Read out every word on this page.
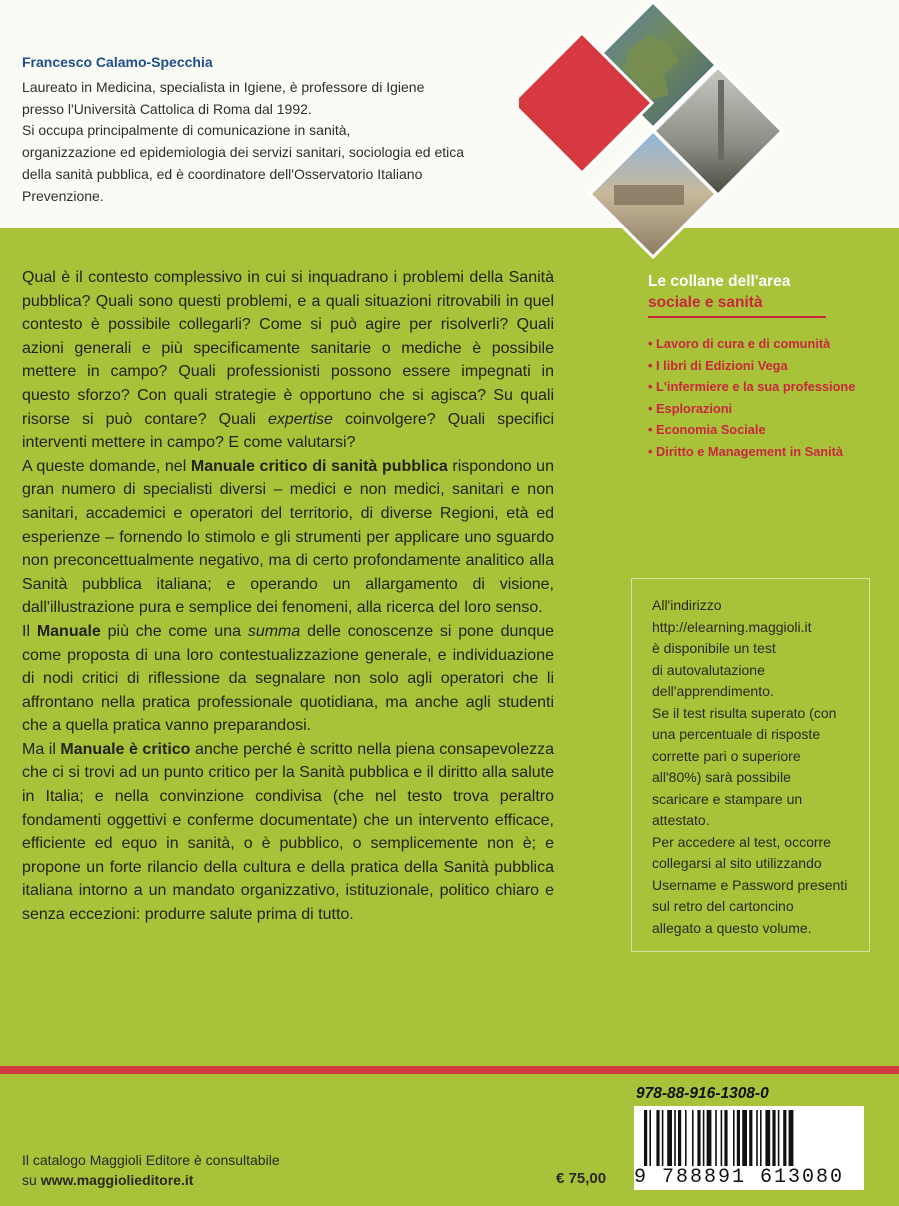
Francesco Calamo-Specchia
Laureato in Medicina, specialista in Igiene, è professore di Igiene
presso l'Università Cattolica di Roma dal 1992.
Si occupa principalmente di comunicazione in sanità,
organizzazione ed epidemiologia dei servizi sanitari, sociologia ed etica
della sanità pubblica, ed è coordinatore dell'Osservatorio Italiano
Prevenzione.

Qual è il contesto complessivo in cui si inquadrano i problemi della Sanità pubblica? Quali sono questi problemi, e a quali situazioni ritrovabili in quel contesto è possibile collegarli? Come si può agire per risolverli? Quali azioni generali e più specificamente sanitarie o mediche è possibile mettere in campo? Quali professionisti possono essere impegnati in questo sforzo? Con quali strategie è opportuno che si agisca? Su quali risorse si può contare? Quali expertise coinvolgere? Quali specifici interventi mettere in campo? E come valutarsi?

A queste domande, nel Manuale critico di sanità pubblica rispondono un gran numero di specialisti diversi – medici e non medici, sanitari e non sanitari, accademici e operatori del territorio, di diverse Regioni, età ed esperienze – fornendo lo stimolo e gli strumenti per applicare uno sguardo non preconcettualmente negativo, ma di certo profondamente analitico alla Sanità pubblica italiana; e operando un allargamento di visione, dall'illustrazione pura e semplice dei fenomeni, alla ricerca del loro senso.

Il Manuale più che come una summa delle conoscenze si pone dunque come proposta di una loro contestualizzazione generale, e individuazione di nodi critici di riflessione da segnalare non solo agli operatori che li affrontano nella pratica professionale quotidiana, ma anche agli studenti che a quella pratica vanno preparandosi.

Ma il Manuale è critico anche perché è scritto nella piena consapevolezza che ci si trovi ad un punto critico per la Sanità pubblica e il diritto alla salute in Italia; e nella convinzione condivisa (che nel testo trova peraltro fondamenti oggettivi e conferme documentate) che un intervento efficace, efficiente ed equo in sanità, o è pubblico, o semplicemente non è; e propone un forte rilancio della cultura e della pratica della Sanità pubblica italiana intorno a un mandato organizzativo, istituzionale, politico chiaro e senza eccezioni: produrre salute prima di tutto.

Le collane dell'area
sociale e sanità
• Lavoro di cura e di comunità
• I libri di Edizioni Vega
• L'infermiere e la sua professione
• Esplorazioni
• Economia Sociale
• Diritto e Management in Sanità
All'indirizzo
http://elearning.maggioli.it
è disponibile un test
di autovalutazione
dell'apprendimento.
Se il test risulta superato (con
una percentuale di risposte
corrette pari o superiore
all'80%) sarà possibile
scaricare e stampare un
attestato.
Per accedere al test, occorre
collegarsi al sito utilizzando
Username e Password presenti
sul retro del cartoncino
allegato a questo volume.
Il catalogo Maggioli Editore è consultabile
su www.maggiolieditore.it	€ 75,00
978-88-916-1308-0
9 788891 613080
